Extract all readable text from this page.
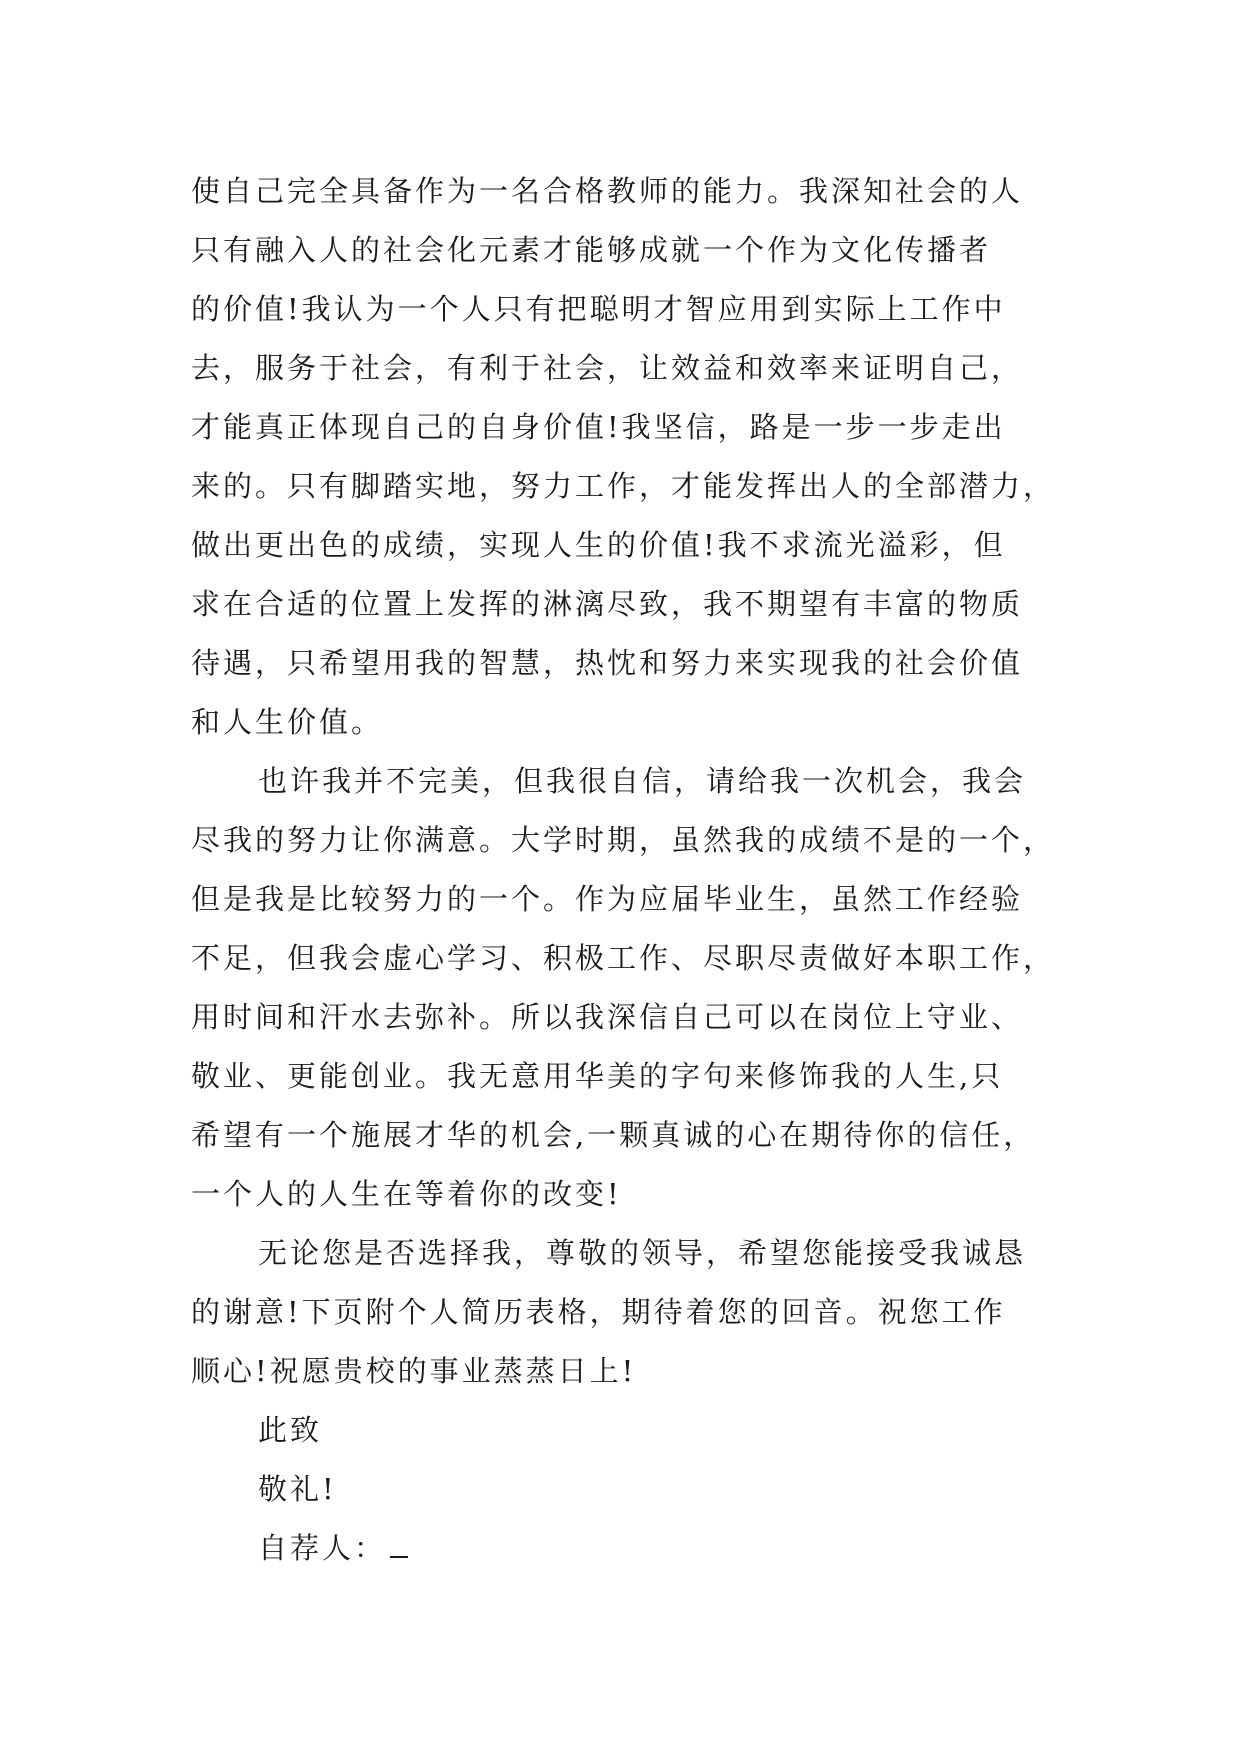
使自己完全具备作为一名合格教师的能力。我深知社会的人
只有融入人的社会化元素才能够成就一个作为文化传播者
的价值!我认为一个人只有把聪明才智应用到实际上工作中
去，服务于社会，有利于社会，让效益和效率来证明自己，
才能真正体现自己的自身价值!我坚信，路是一步一步走出
来的。只有脚踏实地，努力工作，才能发挥出人的全部潜力，
做出更出色的成绩，实现人生的价值!我不求流光溢彩，但
求在合适的位置上发挥的淋漓尽致，我不期望有丰富的物质
待遇，只希望用我的智慧，热忱和努力来实现我的社会价值
和人生价值。
也许我并不完美，但我很自信，请给我一次机会，我会
尽我的努力让你满意。大学时期，虽然我的成绩不是的一个，
但是我是比较努力的一个。作为应届毕业生，虽然工作经验
不足，但我会虚心学习、积极工作、尽职尽责做好本职工作，
用时间和汗水去弥补。所以我深信自己可以在岗位上守业、
敬业、更能创业。我无意用华美的字句来修饰我的人生,只
希望有一个施展才华的机会,一颗真诚的心在期待你的信任，
一个人的人生在等着你的改变!
无论您是否选择我，尊敬的领导，希望您能接受我诚恳
的谢意!下页附个人简历表格，期待着您的回音。祝您工作
顺心!祝愿贵校的事业蒸蒸日上!
此致
敬礼!
自荐人：
